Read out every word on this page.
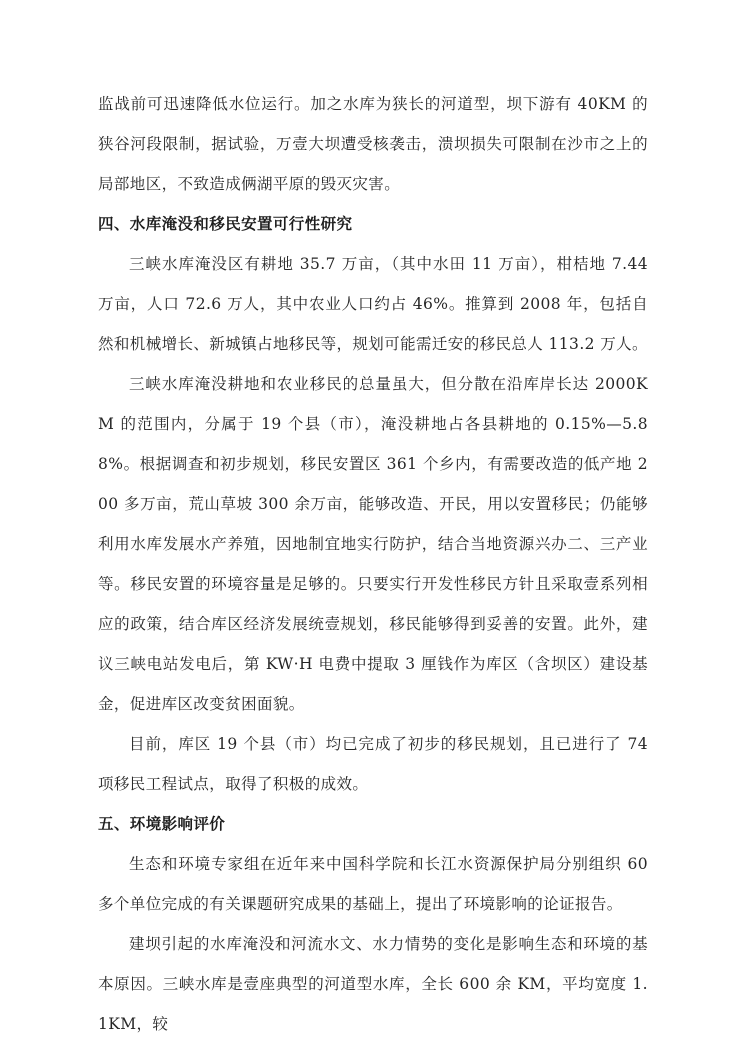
监战前可迅速降低水位运行。加之水库为狭长的河道型，坝下游有 40KM 的狭谷河段限制，据试验，万壹大坝遭受核袭击，溃坝损失可限制在沙市之上的局部地区，不致造成俩湖平原的毁灭灾害。

四、水库淹没和移民安置可行性研究

三峡水库淹没区有耕地 35.7 万亩，（其中水田 11 万亩），柑桔地 7.44 万亩，人口 72.6 万人，其中农业人口约占 46%。推算到 2008 年，包括自然和机械增长、新城镇占地移民等，规划可能需迁安的移民总人 113.2 万人。

三峡水库淹没耕地和农业移民的总量虽大，但分散在沿库岸长达 2000KM 的范围内，分属于 19 个县（市），淹没耕地占各县耕地的 0.15%—5.88%。根据调查和初步规划，移民安置区 361 个乡内，有需要改造的低产地 200 多万亩，荒山草坡 300 余万亩，能够改造、开民，用以安置移民；仍能够利用水库发展水产养殖，因地制宜地实行防护，结合当地资源兴办二、三产业等。移民安置的环境容量是足够的。只要实行开发性移民方针且采取壹系列相应的政策，结合库区经济发展统壹规划，移民能够得到妥善的安置。此外，建议三峡电站发电后，第 KW·H 电费中提取 3 厘钱作为库区（含坝区）建设基金，促进库区改变贫困面貌。

目前，库区 19 个县（市）均已完成了初步的移民规划，且已进行了 74 项移民工程试点，取得了积极的成效。

五、环境影响评价

生态和环境专家组在近年来中国科学院和长江水资源保护局分别组织 60 多个单位完成的有关课题研究成果的基础上，提出了环境影响的论证报告。

建坝引起的水库淹没和河流水文、水力情势的变化是影响生态和环境的基本原因。三峡水库是壹座典型的河道型水库，全长 600 余 KM，平均宽度 1.1KM，较
